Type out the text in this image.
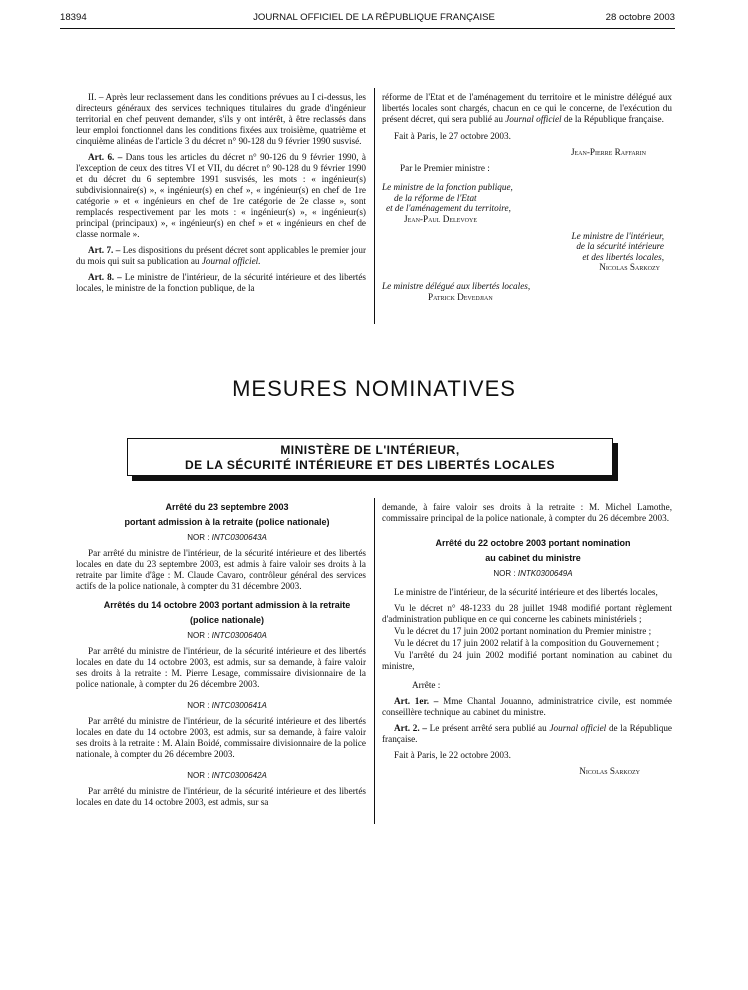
18394	JOURNAL OFFICIEL DE LA RÉPUBLIQUE FRANÇAISE	28 octobre 2003

II. – Après leur reclassement dans les conditions prévues au I ci-dessus, les directeurs généraux des services techniques titulaires du grade d'ingénieur territorial en chef peuvent demander, s'ils y ont intérêt, à être reclassés dans leur emploi fonctionnel dans les conditions fixées aux troisième, quatrième et cinquième alinéas de l'article 3 du décret n° 90-128 du 9 février 1990 susvisé.

Art. 6. – Dans tous les articles du décret n° 90-126 du 9 février 1990, à l'exception de ceux des titres VI et VII, du décret n° 90-128 du 9 février 1990 et du décret du 6 septembre 1991 susvisés, les mots : « ingénieur(s) subdivisionnaire(s) », « ingénieur(s) en chef », « ingénieur(s) en chef de 1re catégorie » et « ingénieurs en chef de 1re catégorie de 2e classe », sont remplacés respectivement par les mots : « ingénieur(s) », « ingénieur(s) principal (principaux) », « ingénieur(s) en chef » et « ingénieurs en chef de classe normale ».

Art. 7. – Les dispositions du présent décret sont applicables le premier jour du mois qui suit sa publication au Journal officiel.

Art. 8. – Le ministre de l'intérieur, de la sécurité intérieure et des libertés locales, le ministre de la fonction publique, de la

réforme de l'Etat et de l'aménagement du territoire et le ministre délégué aux libertés locales sont chargés, chacun en ce qui le concerne, de l'exécution du présent décret, qui sera publié au Journal officiel de la République française.

Fait à Paris, le 27 octobre 2003.

Jean-Pierre Raffarin

Par le Premier ministre :

Le ministre de la fonction publique,
de la réforme de l'Etat
et de l'aménagement du territoire,
Jean-Paul Delevoye
Le ministre de l'intérieur,
de la sécurité intérieure
et des libertés locales,
Nicolas Sarkozy
Le ministre délégué aux libertés locales,
Patrick Devedjian
MESURES NOMINATIVES
MINISTÈRE DE L'INTÉRIEUR,
DE LA SÉCURITÉ INTÉRIEURE ET DES LIBERTÉS LOCALES

Arrêté du 23 septembre 2003

portant admission à la retraite (police nationale)

NOR : INTC0300643A

Par arrêté du ministre de l'intérieur, de la sécurité intérieure et des libertés locales en date du 23 septembre 2003, est admis à faire valoir ses droits à la retraite par limite d'âge : M. Claude Cavaro, contrôleur général des services actifs de la police nationale, à compter du 31 décembre 2003.

Arrêtés du 14 octobre 2003 portant admission à la retraite

(police nationale)

NOR : INTC0300640A

Par arrêté du ministre de l'intérieur, de la sécurité intérieure et des libertés locales en date du 14 octobre 2003, est admis, sur sa demande, à faire valoir ses droits à la retraite : M. Pierre Lesage, commissaire divisionnaire de la police nationale, à compter du 26 décembre 2003.

NOR : INTC0300641A

Par arrêté du ministre de l'intérieur, de la sécurité intérieure et des libertés locales en date du 14 octobre 2003, est admis, sur sa demande, à faire valoir ses droits à la retraite : M. Alain Boidé, commissaire divisionnaire de la police nationale, à compter du 26 décembre 2003.

NOR : INTC0300642A

Par arrêté du ministre de l'intérieur, de la sécurité intérieure et des libertés locales en date du 14 octobre 2003, est admis, sur sa

demande, à faire valoir ses droits à la retraite : M. Michel Lamothe, commissaire principal de la police nationale, à compter du 26 décembre 2003.

Arrêté du 22 octobre 2003 portant nomination

au cabinet du ministre

NOR : INTK0300649A

Le ministre de l'intérieur, de la sécurité intérieure et des libertés locales,

Vu le décret n° 48-1233 du 28 juillet 1948 modifié portant règlement d'administration publique en ce qui concerne les cabinets ministériels ;

Vu le décret du 17 juin 2002 portant nomination du Premier ministre ;

Vu le décret du 17 juin 2002 relatif à la composition du Gouvernement ;

Vu l'arrêté du 24 juin 2002 modifié portant nomination au cabinet du ministre,

Arrête :

Art. 1er. – Mme Chantal Jouanno, administratrice civile, est nommée conseillère technique au cabinet du ministre.

Art. 2. – Le présent arrêté sera publié au Journal officiel de la République française.

Fait à Paris, le 22 octobre 2003.

Nicolas Sarkozy
